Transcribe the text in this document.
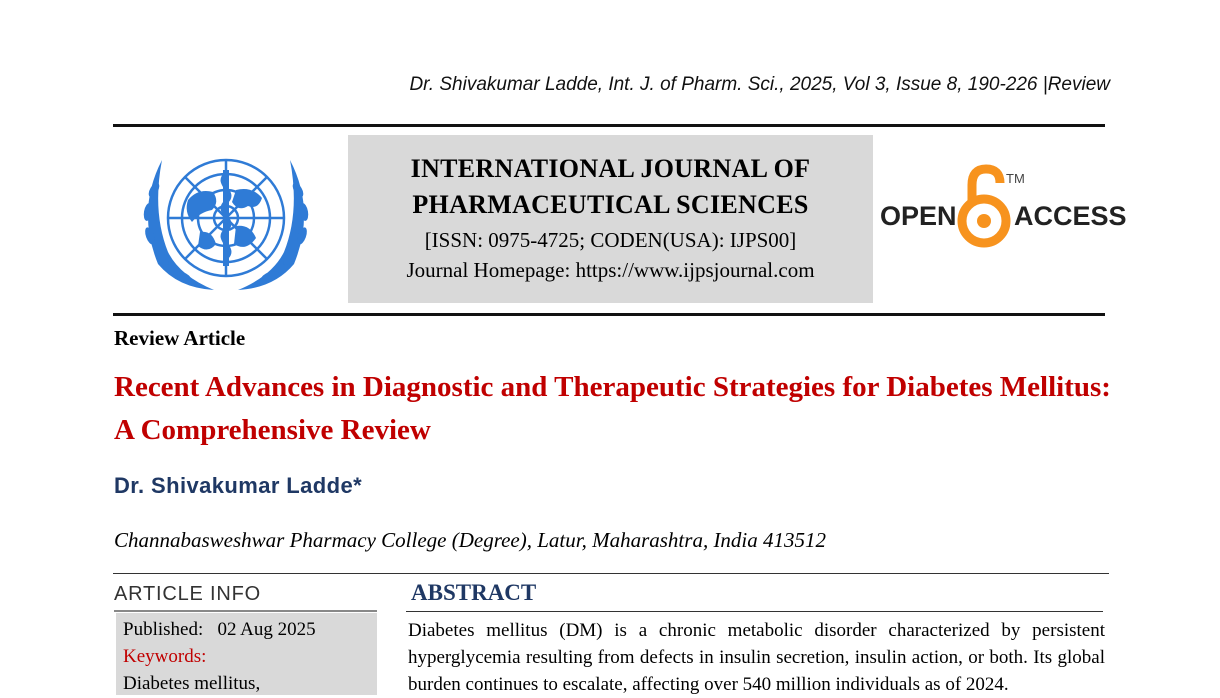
Dr. Shivakumar Ladde, Int. J. of Pharm. Sci., 2025, Vol 3, Issue 8, 190-226 |Review
INTERNATIONAL JOURNAL OF
PHARMACEUTICAL SCIENCES
[ISSN: 0975-4725; CODEN(USA): IJPS00]
Journal Homepage: https://www.ijpsjournal.com
OPEN
TM
ACCESS
Review Article
Recent Advances in Diagnostic and Therapeutic Strategies for Diabetes Mellitus: A Comprehensive Review
Dr. Shivakumar Ladde*
Channabasweshwar Pharmacy College (Degree), Latur, Maharashtra, India 413512
ARTICLE INFO
Published: 02 Aug 2025
Keywords:
Diabetes mellitus,
ABSTRACT
Diabetes mellitus (DM) is a chronic metabolic disorder characterized by persistent hyperglycemia resulting from defects in insulin secretion, insulin action, or both. Its global burden continues to escalate, affecting over 540 million individuals as of 2024.
